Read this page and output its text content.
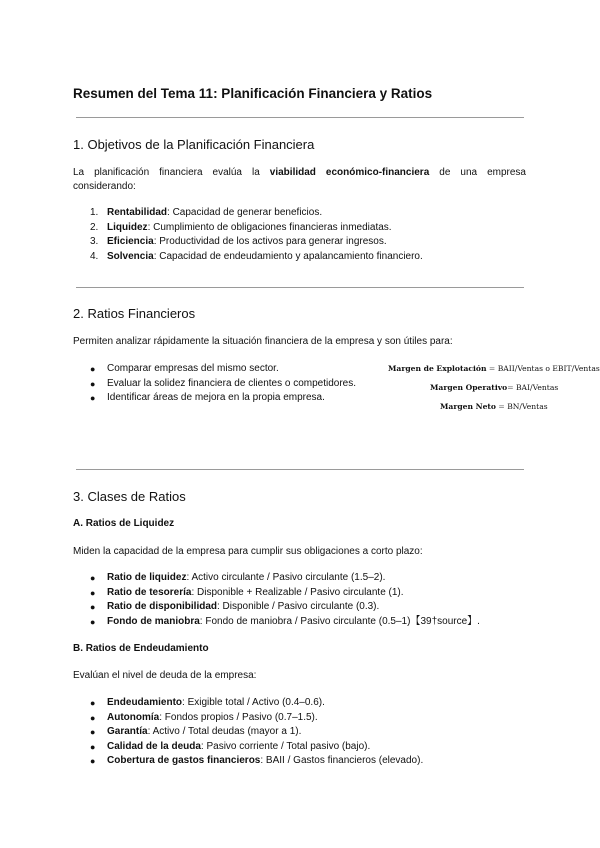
Resumen del Tema 11: Planificación Financiera y Ratios
1. Objetivos de la Planificación Financiera

La planificación financiera evalúa la viabilidad económico-financiera de una empresa considerando:

1. Rentabilidad: Capacidad de generar beneficios.
2. Liquidez: Cumplimiento de obligaciones financieras inmediatas.
3. Eficiencia: Productividad de los activos para generar ingresos.
4. Solvencia: Capacidad de endeudamiento y apalancamiento financiero.
2. Ratios Financieros

Permiten analizar rápidamente la situación financiera de la empresa y son útiles para:

● Comparar empresas del mismo sector.
● Evaluar la solidez financiera de clientes o competidores.
● Identificar áreas de mejora en la propia empresa.
Margen de Explotación = BAII/Ventas o EBIT/Ventas
Margen Operativo= BAI/Ventas
Margen Neto = BN/Ventas
3. Clases de Ratios
A. Ratios de Liquidez

Miden la capacidad de la empresa para cumplir sus obligaciones a corto plazo:

● Ratio de liquidez: Activo circulante / Pasivo circulante (1.5–2).
● Ratio de tesorería: Disponible + Realizable / Pasivo circulante (1).
● Ratio de disponibilidad: Disponible / Pasivo circulante (0.3).
● Fondo de maniobra: Fondo de maniobra / Pasivo circulante (0.5–1)【39†source】.
B. Ratios de Endeudamiento

Evalúan el nivel de deuda de la empresa:

● Endeudamiento: Exigible total / Activo (0.4–0.6).
● Autonomía: Fondos propios / Pasivo (0.7–1.5).
● Garantía: Activo / Total deudas (mayor a 1).
● Calidad de la deuda: Pasivo corriente / Total pasivo (bajo).
● Cobertura de gastos financieros: BAII / Gastos financieros (elevado).
